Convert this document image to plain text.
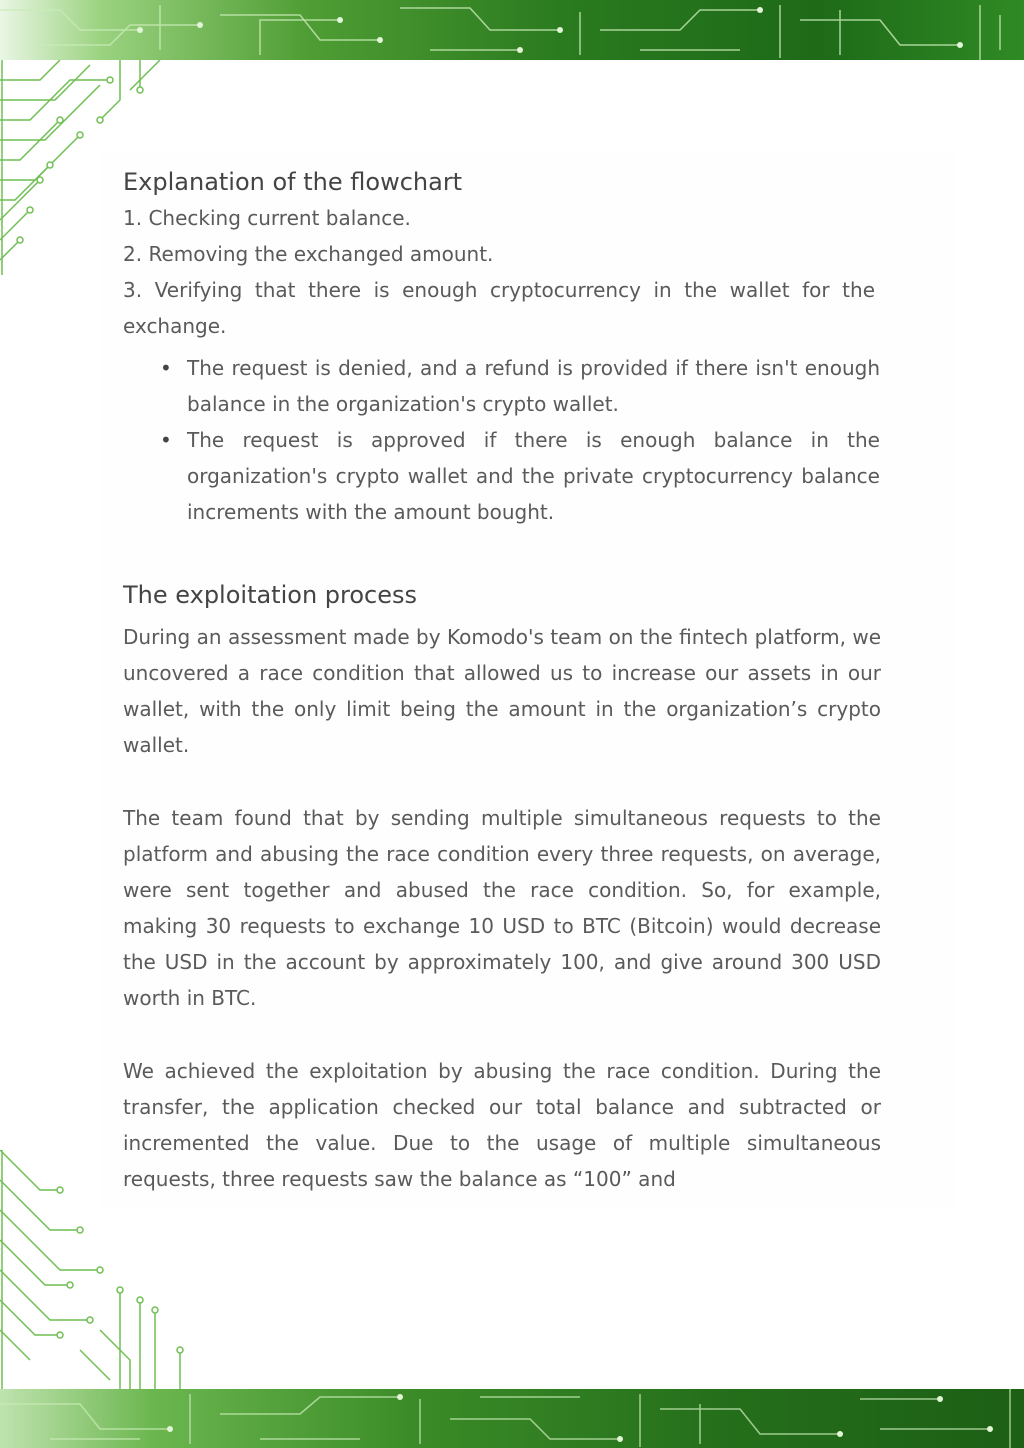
Explanation of the flowchart
1. Checking current balance.
2. Removing the exchanged amount.
3. Verifying that there is enough cryptocurrency in the wallet for the exchange.
• The request is denied, and a refund is provided if there isn't enough balance in the organization's crypto wallet.
• The request is approved if there is enough balance in the organization's crypto wallet and the private cryptocurrency balance increments with the amount bought.
The exploitation process

During an assessment made by Komodo's team on the fintech platform, we uncovered a race condition that allowed us to increase our assets in our wallet, with the only limit being the amount in the organization’s crypto wallet.

The team found that by sending multiple simultaneous requests to the platform and abusing the race condition every three requests, on average, were sent together and abused the race condition. So, for example, making 30 requests to exchange 10 USD to BTC (Bitcoin) would decrease the USD in the account by approximately 100, and give around 300 USD worth in BTC.

We achieved the exploitation by abusing the race condition. During the transfer, the application checked our total balance and subtracted or incremented the value. Due to the usage of multiple simultaneous requests, three requests saw the balance as “100” and
